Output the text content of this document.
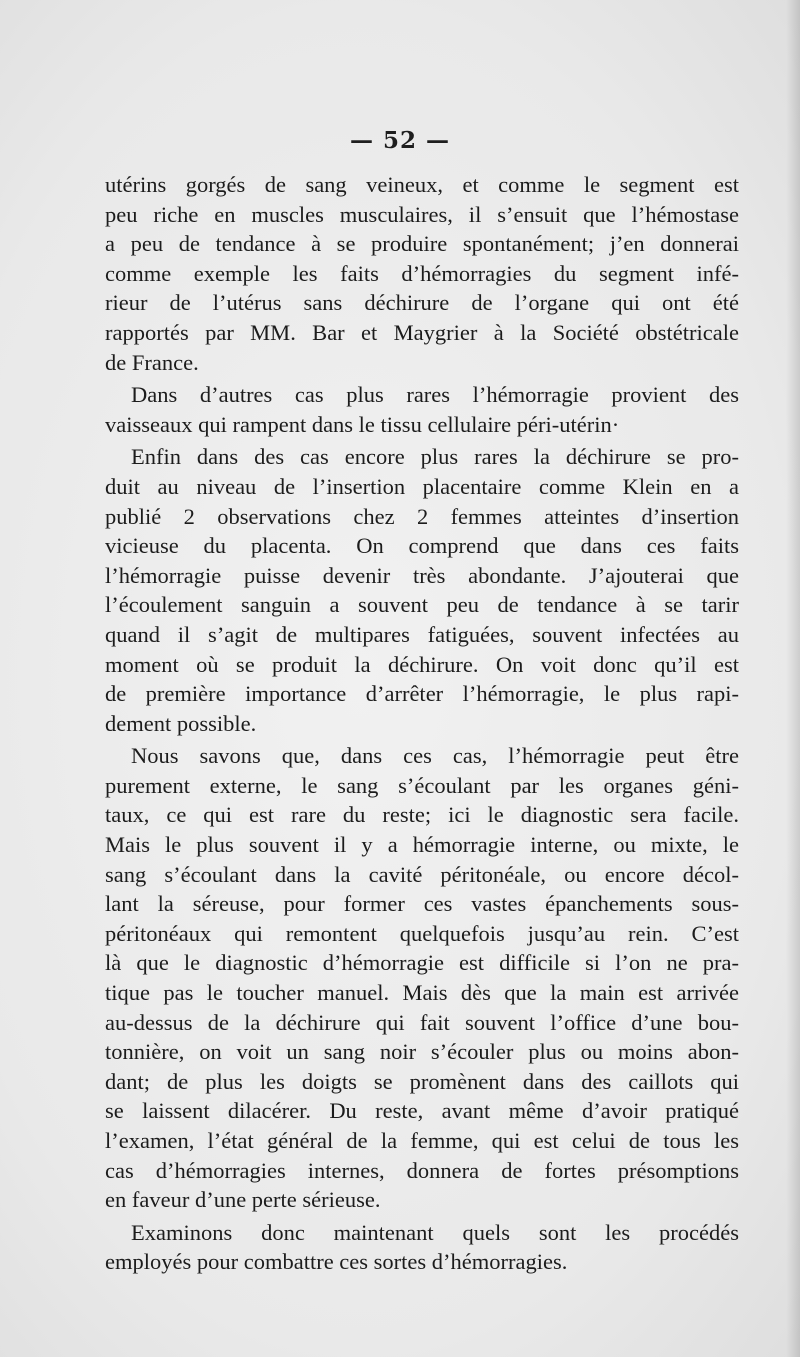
— 52 —
utérins gorgés de sang veineux, et comme le segment est
peu riche en muscles musculaires, il s’ensuit que l’hémostase
a peu de tendance à se produire spontanément; j’en donnerai
comme exemple les faits d’hémorragies du segment infé-
rieur de l’utérus sans déchirure de l’organe qui ont été
rapportés par MM. Bar et Maygrier à la Société obstétricale
de France.
Dans d’autres cas plus rares l’hémorragie provient des
vaisseaux qui rampent dans le tissu cellulaire péri-utérin·
Enfin dans des cas encore plus rares la déchirure se pro-
duit au niveau de l’insertion placentaire comme Klein en a
publié 2 observations chez 2 femmes atteintes d’insertion
vicieuse du placenta. On comprend que dans ces faits
l’hémorragie puisse devenir très abondante. J’ajouterai que
l’écoulement sanguin a souvent peu de tendance à se tarir
quand il s’agit de multipares fatiguées, souvent infectées au
moment où se produit la déchirure. On voit donc qu’il est
de première importance d’arrêter l’hémorragie, le plus rapi-
dement possible.
Nous savons que, dans ces cas, l’hémorragie peut être
purement externe, le sang s’écoulant par les organes géni-
taux, ce qui est rare du reste; ici le diagnostic sera facile.
Mais le plus souvent il y a hémorragie interne, ou mixte, le
sang s’écoulant dans la cavité péritonéale, ou encore décol-
lant la séreuse, pour former ces vastes épanchements sous-
péritonéaux qui remontent quelquefois jusqu’au rein. C’est
là que le diagnostic d’hémorragie est difficile si l’on ne pra-
tique pas le toucher manuel. Mais dès que la main est arrivée
au-dessus de la déchirure qui fait souvent l’office d’une bou-
tonnière, on voit un sang noir s’écouler plus ou moins abon-
dant; de plus les doigts se promènent dans des caillots qui
se laissent dilacérer. Du reste, avant même d’avoir pratiqué
l’examen, l’état général de la femme, qui est celui de tous les
cas d’hémorragies internes, donnera de fortes présomptions
en faveur d’une perte sérieuse.
Examinons donc maintenant quels sont les procédés
employés pour combattre ces sortes d’hémorragies.
